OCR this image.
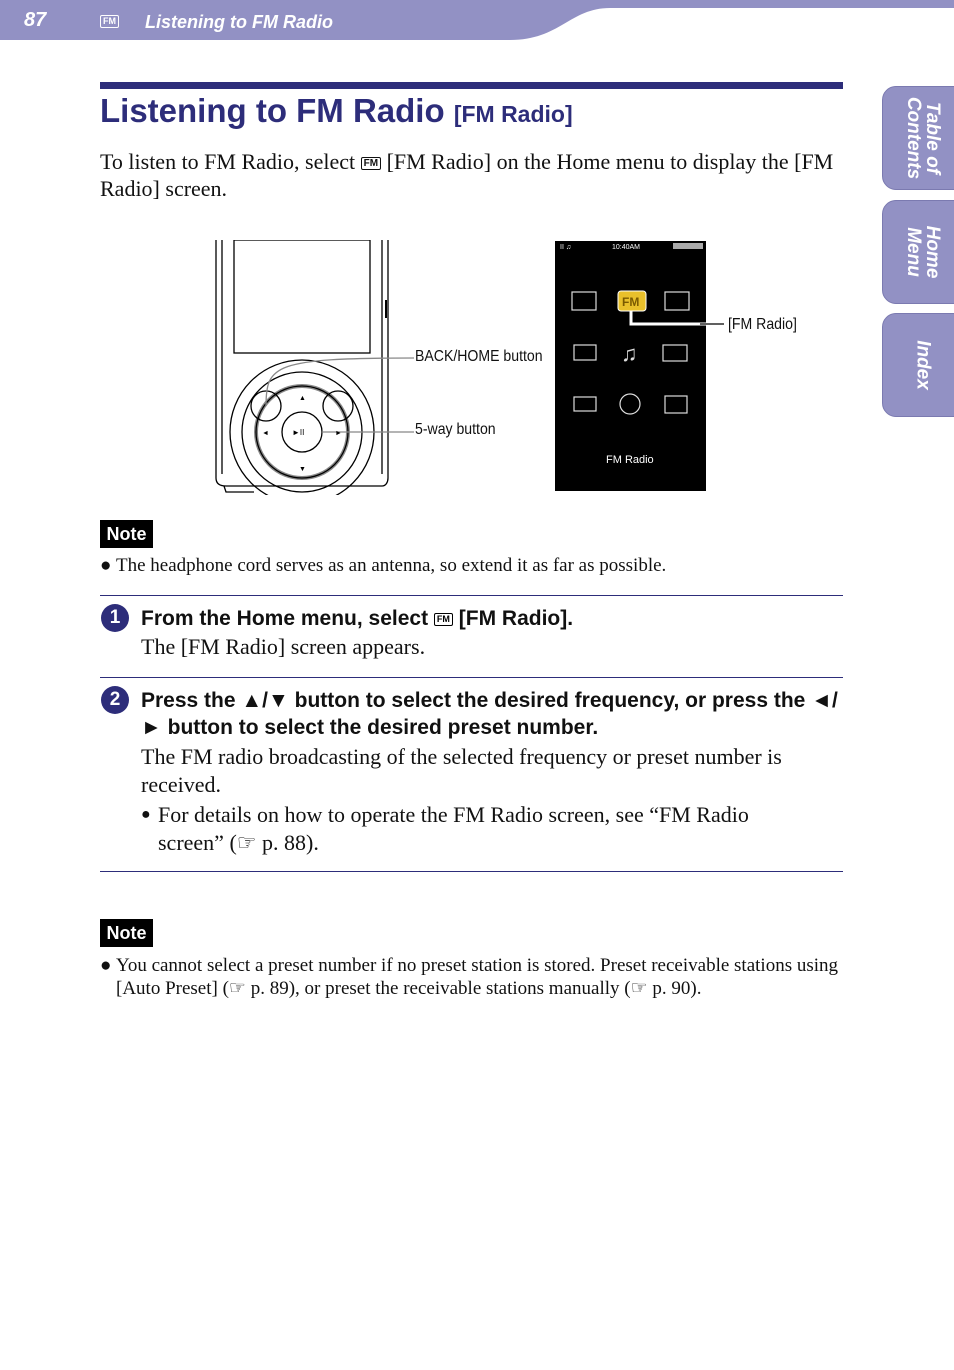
87	FM Listening to FM Radio
Table of
Contents
Home
Menu
Index
Listening to FM Radio [FM Radio]
To listen to FM Radio, select FM [FM Radio] on the Home menu to display the [FM Radio] screen.
▲
▼
◄	►
►II
BACK/HOME button
5-way button
II ♫	10:40AM
♫
FM
FM Radio
[FM Radio]
Note
● The headphone cord serves as an antenna, so extend it as far as possible.
1 From the Home menu, select FM [FM Radio].
The [FM Radio] screen appears.
2 Press the ▲/▼ button to select the desired frequency, or press the ◄/► button to select the desired preset number.
The FM radio broadcasting of the selected frequency or preset number is received.
● For details on how to operate the FM Radio screen, see “FM Radio screen” (☞ p. 88).
Note
● You cannot select a preset number if no preset station is stored. Preset receivable stations using [Auto Preset] (☞ p. 89), or preset the receivable stations manually (☞ p. 90).
